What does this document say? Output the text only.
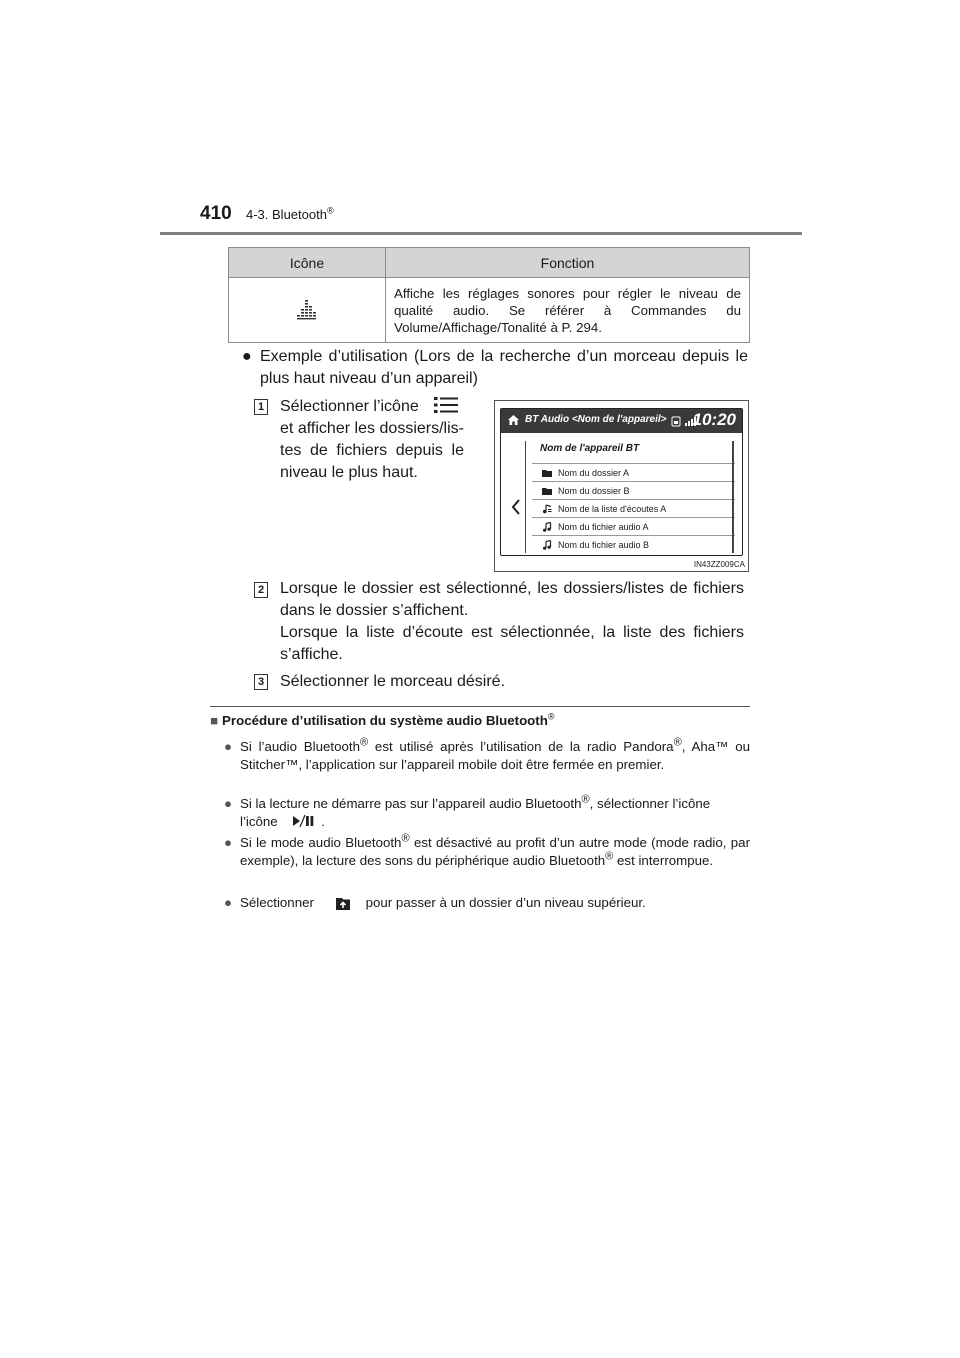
410 4-3. Bluetooth®
Icône	Fonction
	Affiche les réglages sonores pour régler le niveau de qualité audio. Se référer à Commandes du Volume/Affichage/Tonalité à P. 294.
● Exemple d’utilisation (Lors de la recherche d’un morceau depuis le plus haut niveau d’un appareil)
1 Sélectionner l’icône

et afficher les dossiers/lis-tes de fichiers depuis le niveau le plus haut.
BT Audio <Nom de l'appareil> 10:20
Nom de l'appareil BT
Nom du dossier A
Nom du dossier B
Nom de la liste d'écoutes A
Nom du fichier audio A
Nom du fichier audio B
IN43ZZ009CA
2 Lorsque le dossier est sélectionné, les dossiers/listes de fichiers dans le dossier s’affichent.
Lorsque la liste d’écoute est sélectionnée, la liste des fichiers s’affiche.
3 Sélectionner le morceau désiré.
■ Procédure d’utilisation du système audio Bluetooth®
● Si l’audio Bluetooth® est utilisé après l’utilisation de la radio Pandora®, Aha™ ou Stitcher™, l’application sur l’appareil mobile doit être fermée en premier.
● Si la lecture ne démarre pas sur l’appareil audio Bluetooth®, sélectionner l’icône
l’icône	.
● Si le mode audio Bluetooth® est désactivé au profit d’un autre mode (mode radio, par exemple), la lecture des sons du périphérique audio Bluetooth® est interrompue.
● Sélectionner	pour passer à un dossier d’un niveau supérieur.
